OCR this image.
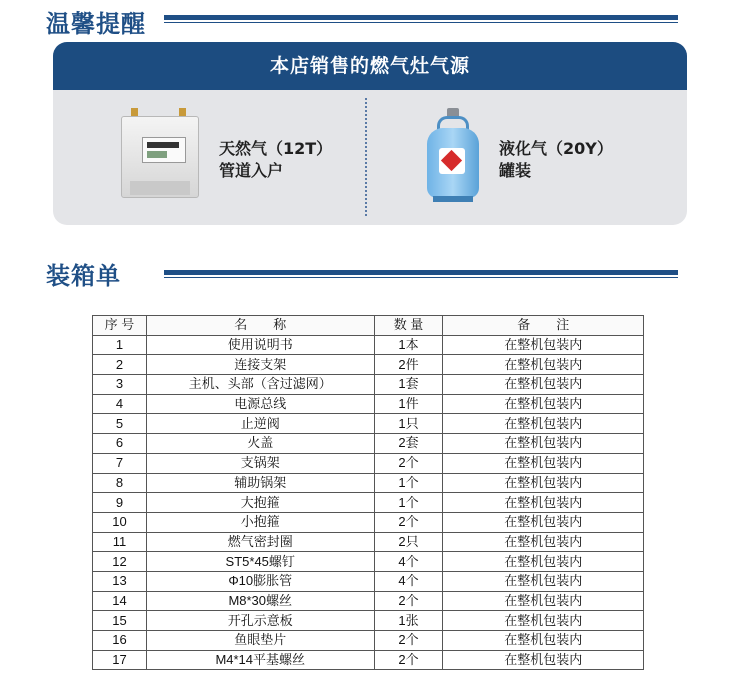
温馨提醒
本店销售的燃气灶气源
天然气（12T）
管道入户
液化气（20Y）
罐装
装箱单
序 号	名　　称	数 量	备　　注
1	使用说明书	1本	在整机包装内
2	连接支架	2件	在整机包装内
3	主机、头部（含过滤网）	1套	在整机包装内
4	电源总线	1件	在整机包装内
5	止逆阀	1只	在整机包装内
6	火盖	2套	在整机包装内
7	支锅架	2个	在整机包装内
8	辅助锅架	1个	在整机包装内
9	大抱箍	1个	在整机包装内
10	小抱箍	2个	在整机包装内
11	燃气密封圈	2只	在整机包装内
12	ST5*45螺钉	4个	在整机包装内
13	Φ10膨胀管	4个	在整机包装内
14	M8*30螺丝	2个	在整机包装内
15	开孔示意板	1张	在整机包装内
16	鱼眼垫片	2个	在整机包装内
17	M4*14平基螺丝	2个	在整机包装内
